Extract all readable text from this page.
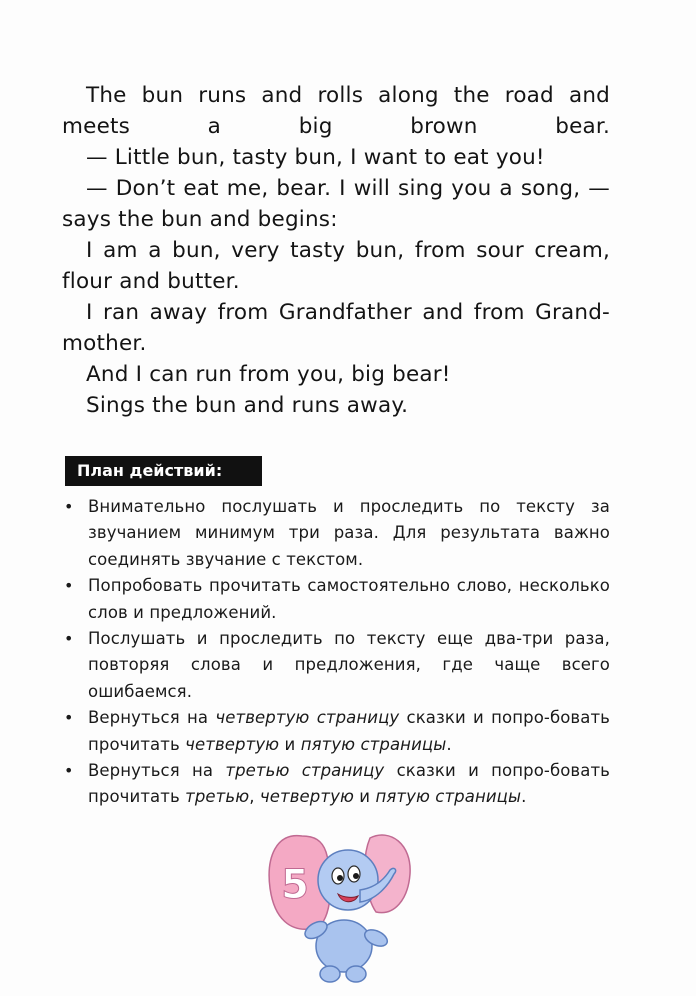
The bun runs and rolls along the road and meets a big brown bear.

— Little bun, tasty bun, I want to eat you!

— Don’t eat me, bear. I will sing you a song, — says the bun and begins:

I am a bun, very tasty bun, from sour cream, flour and butter.

I ran away from Grandfather and from Grand-mother.

And I can run from you, big bear!

Sings the bun and runs away.

План действий:
• Внимательно послушать и проследить по тексту за звучанием минимум три раза. Для результата важно соединять звучание с текстом.
• Попробовать прочитать самостоятельно слово, несколько слов и предложений.
• Послушать и проследить по тексту еще два-три раза, повторяя слова и предложения, где чаще всего ошибаемся.
• Вернуться на четвертую страницу сказки и попро-бовать прочитать четвертую и пятую страницы.
• Вернуться на третью страницу сказки и попро-бовать прочитать третью, четвертую и пятую страницы.
5
